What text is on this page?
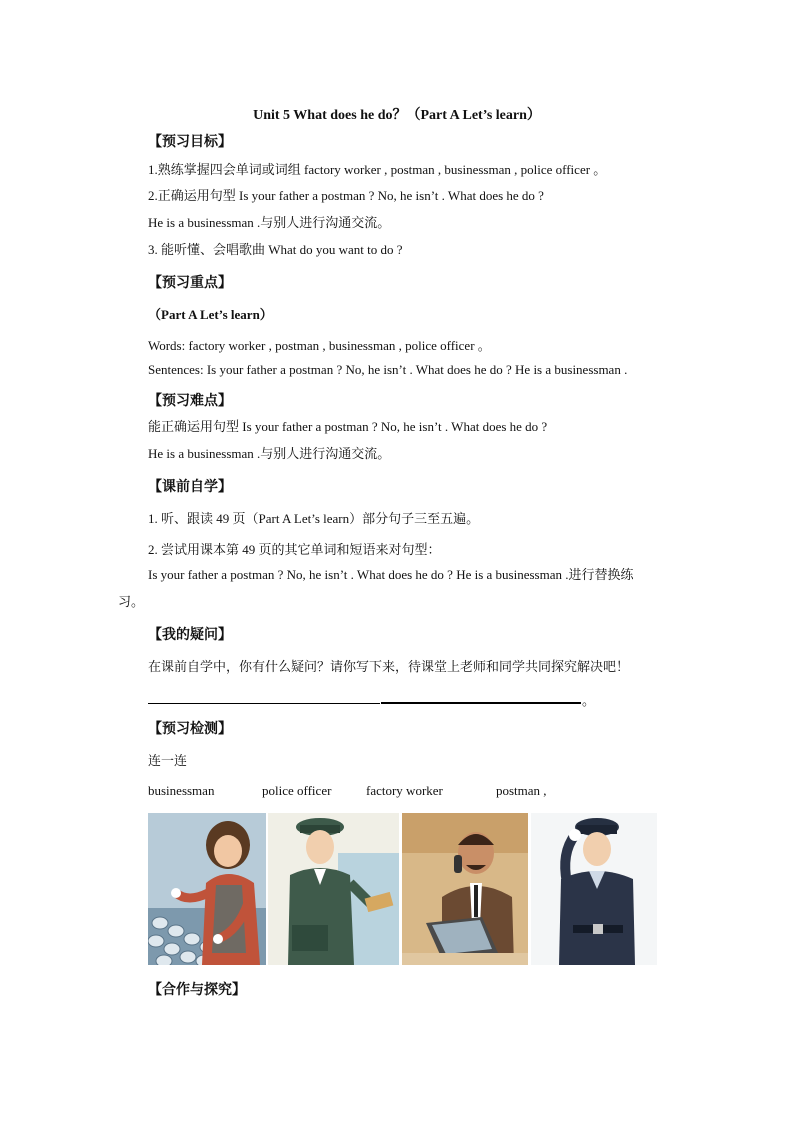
Unit 5 What does he do？（Part A Let’s learn）
【预习目标】
1.熟练掌握四会单词或词组 factory worker , postman , businessman , police officer 。
2.正确运用句型 Is your father a postman ? No, he isn’t . What does he do ?
He is a businessman .与别人进行沟通交流。
3. 能听懂、会唱歌曲 What do you want to do ?
【预习重点】
（Part A Let’s learn）
Words: factory worker , postman , businessman , police officer 。
Sentences: Is your father a postman ? No, he isn’t . What does he do ? He is a businessman .
【预习难点】
能正确运用句型 Is your father a postman ? No, he isn’t . What does he do ?
He is a businessman .与别人进行沟通交流。
【课前自学】
1. 听、跟读 49 页（Part A Let’s learn）部分句子三至五遍。
2. 尝试用课本第 49 页的其它单词和短语来对句型：
Is your father a postman ? No, he isn’t . What does he do ? He is a businessman .进行替换练
习。
【我的疑问】
在课前自学中，你有什么疑问？请你写下来，待课堂上老师和同学共同探究解决吧！
。
【预习检测】
连一连
businessman	police officer	factory worker	postman ,
【合作与探究】
